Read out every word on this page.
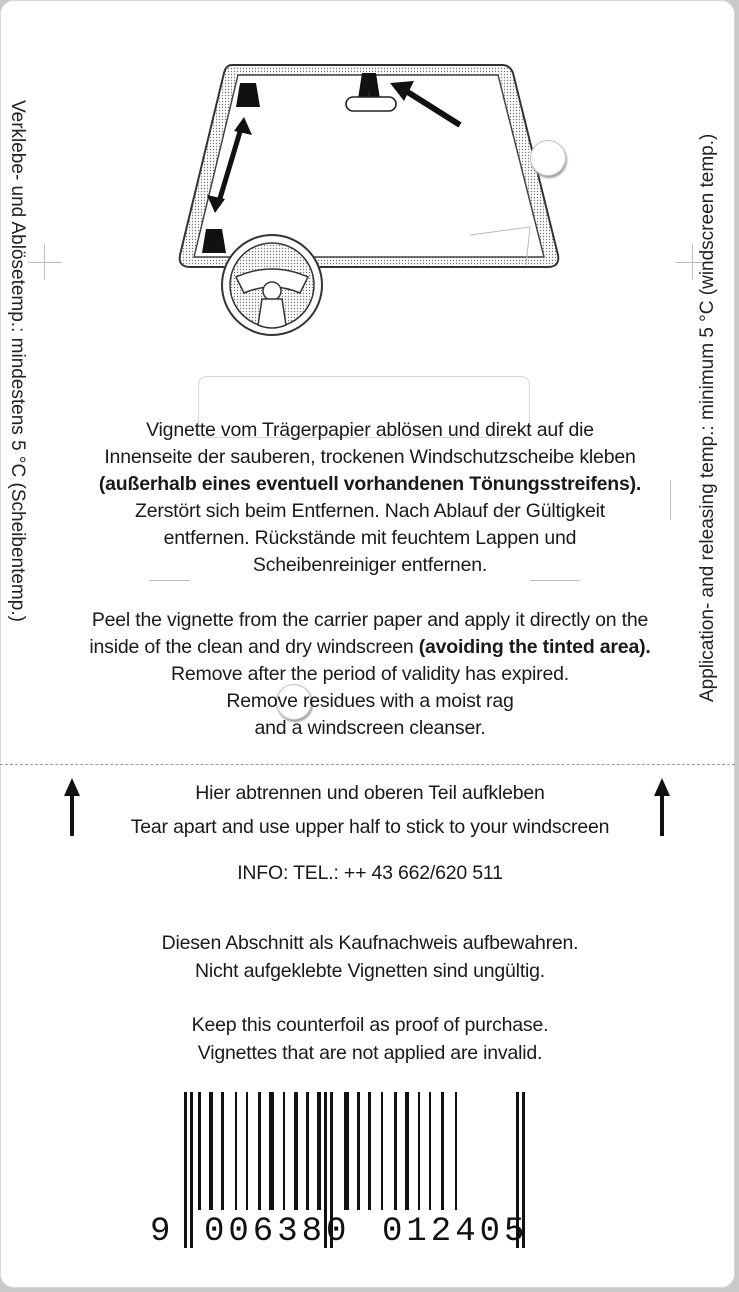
Verklebe- und Ablösetemp.: mindestens 5 °C (Scheibentemp.)	Application- and releasing temp.: minimum 5 °C (windscreen temp.)
Vignette vom Trägerpapier ablösen und direkt auf die
Innenseite der sauberen, trockenen Windschutzscheibe kleben
(außerhalb eines eventuell vorhandenen Tönungsstreifens).
Zerstört sich beim Entfernen. Nach Ablauf der Gültigkeit
entfernen. Rückstände mit feuchtem Lappen und
Scheibenreiniger entfernen.
Peel the vignette from the carrier paper and apply it directly on the
inside of the clean and dry windscreen (avoiding the tinted area).
Remove after the period of validity has expired.
Remove residues with a moist rag
and a windscreen cleanser.
Hier abtrennen und oberen Teil aufkleben
Tear apart and use upper half to stick to your windscreen
INFO: TEL.: ++ 43 662/620 511
Diesen Abschnitt als Kaufnachweis aufbewahren.
Nicht aufgeklebte Vignetten sind ungültig.
Keep this counterfoil as proof of purchase.
Vignettes that are not applied are invalid.
9 006380 012405
